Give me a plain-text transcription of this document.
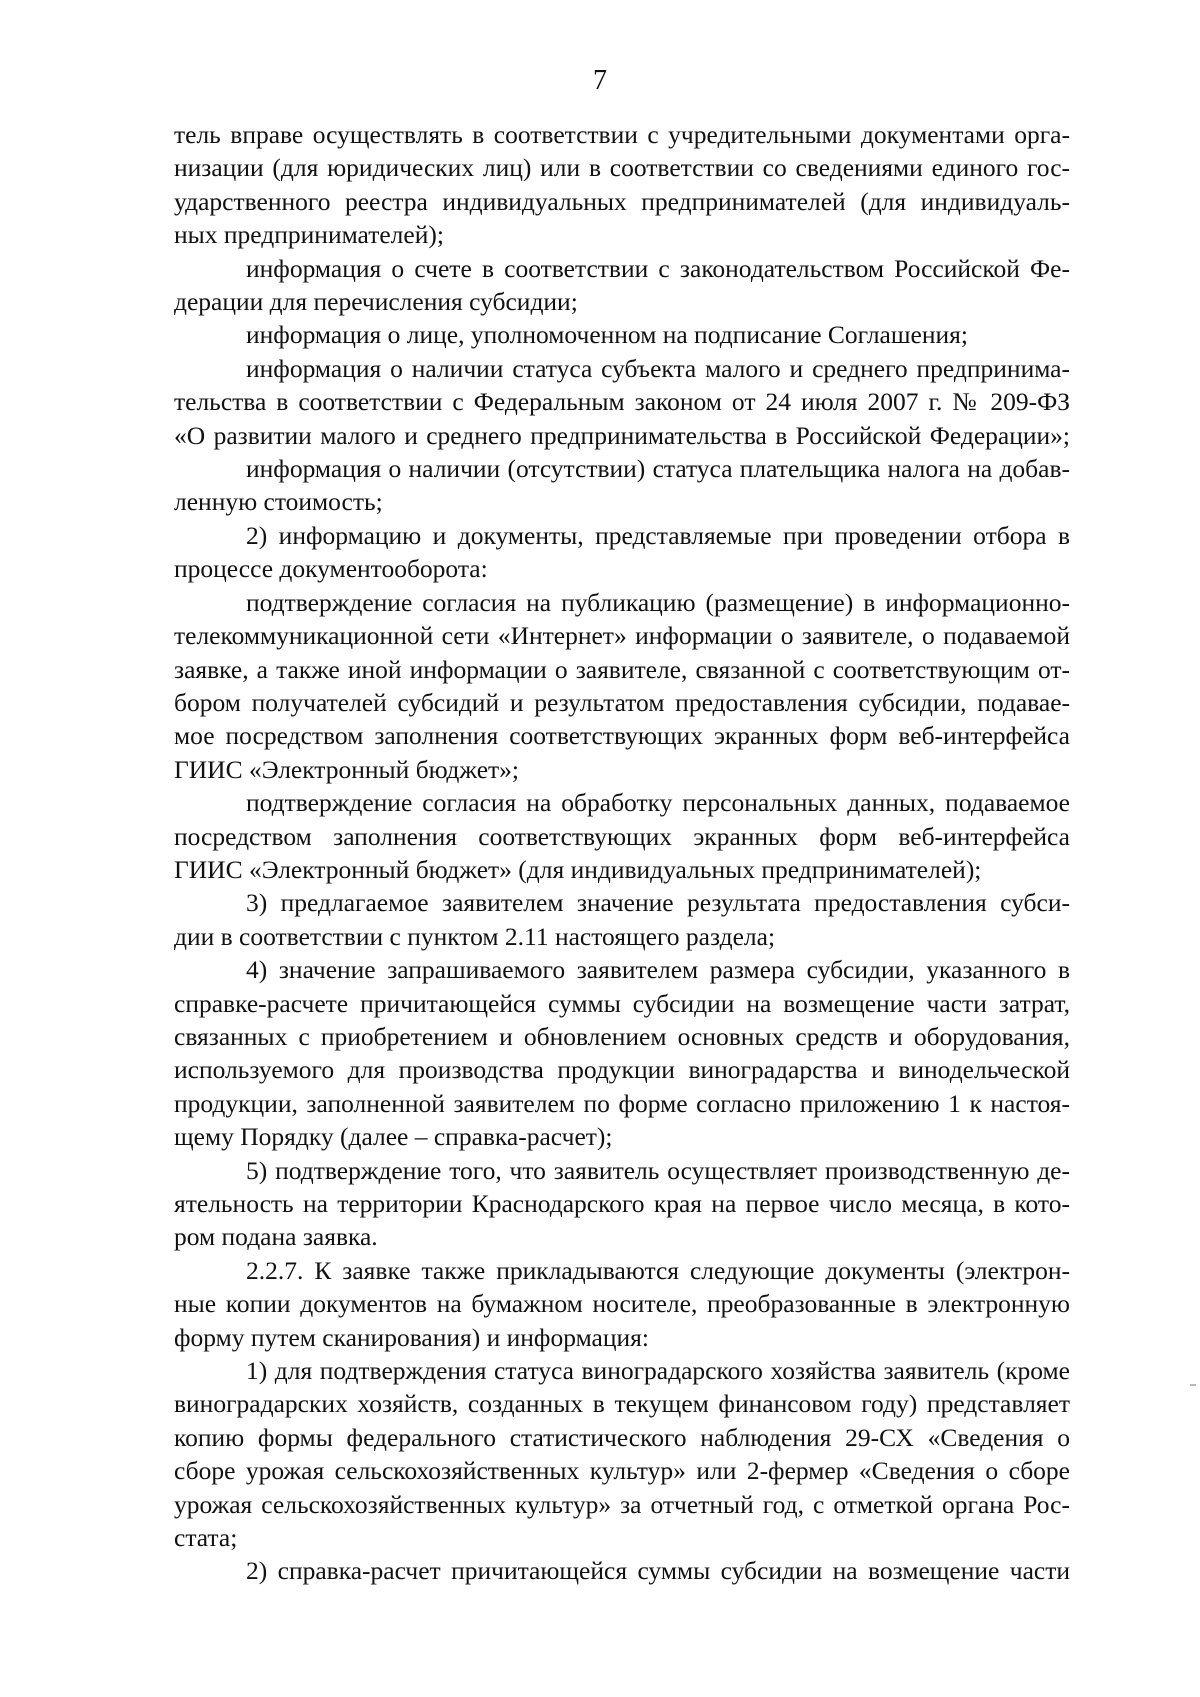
7
тель вправе осуществлять в соответствии с учредительными документами орга-
низации (для юридических лиц) или в соответствии со сведениями единого гос-
ударственного реестра индивидуальных предпринимателей (для индивидуаль-
ных предпринимателей);
информация о счете в соответствии с законодательством Российской Фе-
дерации для перечисления субсидии;
информация о лице, уполномоченном на подписание Соглашения;
информация о наличии статуса субъекта малого и среднего предпринима-
тельства в соответствии с Федеральным законом от 24 июля 2007 г. № 209-ФЗ
«О развитии малого и среднего предпринимательства в Российской Федерации»;
информация о наличии (отсутствии) статуса плательщика налога на добав-
ленную стоимость;
2) информацию и документы, представляемые при проведении отбора в
процессе документооборота:
подтверждение согласия на публикацию (размещение) в информационно-
телекоммуникационной сети «Интернет» информации о заявителе, о подаваемой
заявке, а также иной информации о заявителе, связанной с соответствующим от-
бором получателей субсидий и результатом предоставления субсидии, подавае-
мое посредством заполнения соответствующих экранных форм веб-интерфейса
ГИИС «Электронный бюджет»;
подтверждение согласия на обработку персональных данных, подаваемое
посредством заполнения соответствующих экранных форм веб-интерфейса
ГИИС «Электронный бюджет» (для индивидуальных предпринимателей);
3) предлагаемое заявителем значение результата предоставления субси-
дии в соответствии с пунктом 2.11 настоящего раздела;
4) значение запрашиваемого заявителем размера субсидии, указанного в
справке-расчете причитающейся суммы субсидии на возмещение части затрат,
связанных с приобретением и обновлением основных средств и оборудования,
используемого для производства продукции виноградарства и винодельческой
продукции, заполненной заявителем по форме согласно приложению 1 к настоя-
щему Порядку (далее – справка-расчет);
5) подтверждение того, что заявитель осуществляет производственную де-
ятельность на территории Краснодарского края на первое число месяца, в кото-
ром подана заявка.
2.2.7. К заявке также прикладываются следующие документы (электрон-
ные копии документов на бумажном носителе, преобразованные в электронную
форму путем сканирования) и информация:
1) для подтверждения статуса виноградарского хозяйства заявитель (кроме
виноградарских хозяйств, созданных в текущем финансовом году) представляет
копию формы федерального статистического наблюдения 29-СХ «Сведения о
сборе урожая сельскохозяйственных культур» или 2-фермер «Сведения о сборе
урожая сельскохозяйственных культур» за отчетный год, с отметкой органа Рос-
стата;
2) справка-расчет причитающейся суммы субсидии на возмещение части
